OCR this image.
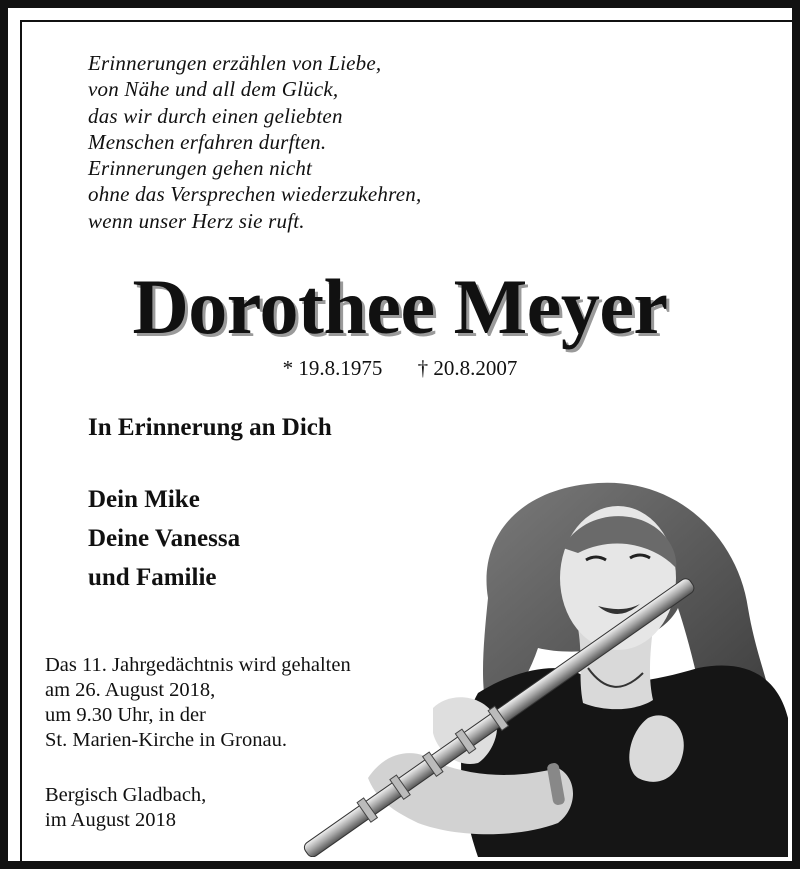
Erinnerungen erzählen von Liebe,
von Nähe und all dem Glück,
das wir durch einen geliebten
Menschen erfahren durften.
Erinnerungen gehen nicht
ohne das Versprechen wiederzukehren,
wenn unser Herz sie ruft.
Dorothee Meyer
* 19.8.1975 † 20.8.2007
In Erinnerung an Dich
Dein Mike
Deine Vanessa
und Familie
Das 11. Jahrgedächtnis wird gehalten
am 26. August 2018,
um 9.30 Uhr, in der
St. Marien-Kirche in Gronau.
Bergisch Gladbach,
im August 2018
